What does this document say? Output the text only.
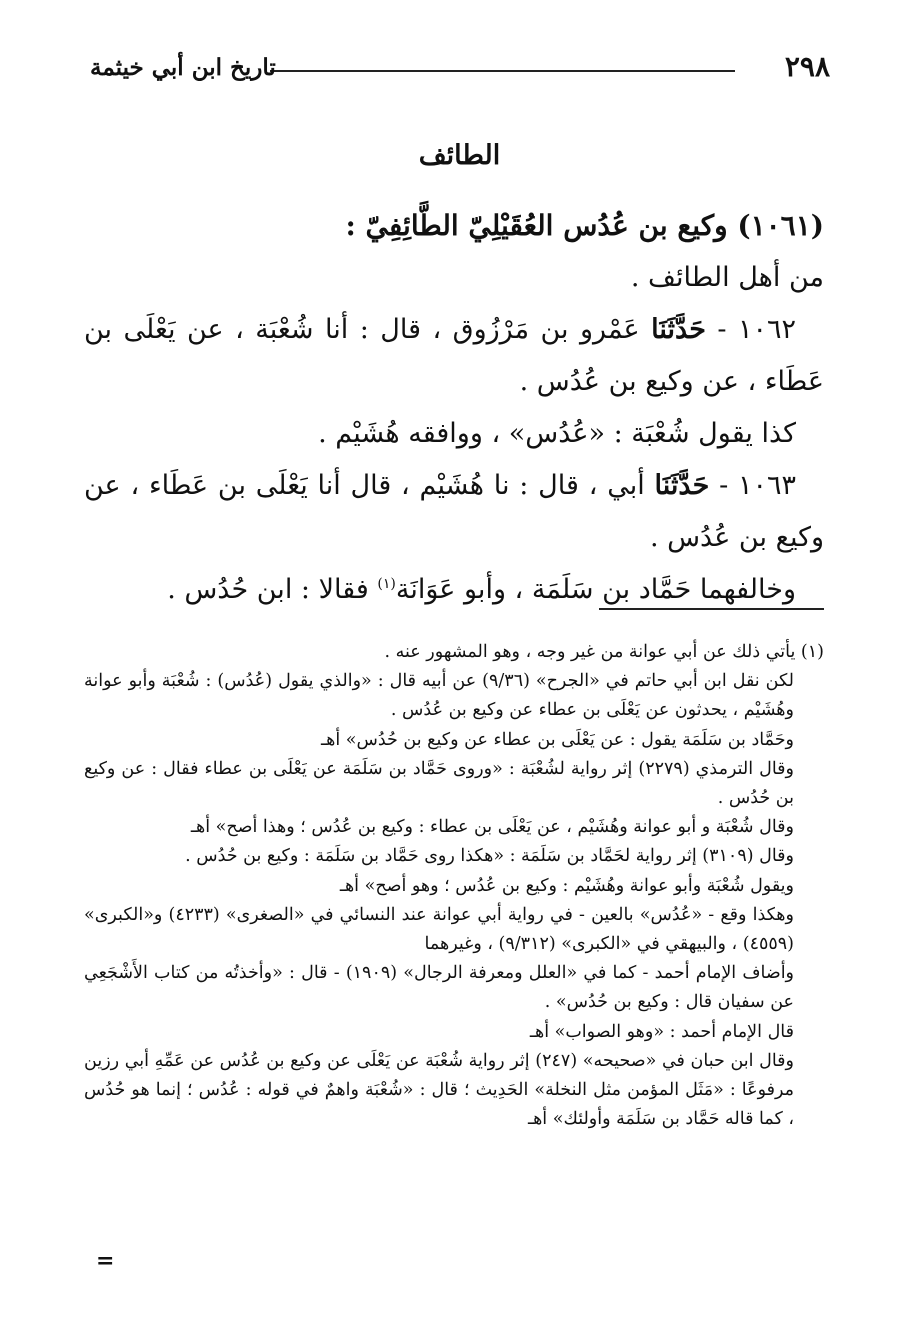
٢٩٨
تاريخ ابن أبي خيثمة
الطائف

(١٠٦١) وكيع بن عُدُس العُقَيْلِيّ الطَّائِفِيّ :

من أهل الطائف .

١٠٦٢ - حَدَّثَنَا عَمْرو بن مَرْزُوق ، قال : أنا شُعْبَة ، عن يَعْلَى بن عَطَاء ، عن وكيع بن عُدُس .

كذا يقول شُعْبَة : «عُدُس» ، ووافقه هُشَيْم .

١٠٦٣ - حَدَّثَنَا أبي ، قال : نا هُشَيْم ، قال أنا يَعْلَى بن عَطَاء ، عن وكيع بن عُدُس .

وخالفهما حَمَّاد بن سَلَمَة ، وأبو عَوَانَة$^{(١)}$ فقالا : ابن حُدُس .

(١) يأتي ذلك عن أبي عوانة من غير وجه ، وهو المشهور عنه .

لكن نقل ابن أبي حاتم في «الجرح» (٩/٣٦) عن أبيه قال : «والذي يقول (عُدُس) : شُعْبَة وأبو عوانة وهُشَيْم ، يحدثون عن يَعْلَى بن عطاء عن وكيع بن عُدُس .

وحَمَّاد بن سَلَمَة يقول : عن يَعْلَى بن عطاء عن وكيع بن حُدُس» أهـ

وقال الترمذي (٢٢٧٩) إثر رواية لشُعْبَة : «وروى حَمَّاد بن سَلَمَة عن يَعْلَى بن عطاء فقال : عن وكيع بن حُدُس .

وقال شُعْبَة و أبو عوانة وهُشَيْم ، عن يَعْلَى بن عطاء : وكيع بن عُدُس ؛ وهذا أصح» أهـ

وقال (٣١٠٩) إثر رواية لحَمَّاد بن سَلَمَة : «هكذا روى حَمَّاد بن سَلَمَة : وكيع بن حُدُس .

ويقول شُعْبَة وأبو عوانة وهُشَيْم : وكيع بن عُدُس ؛ وهو أصح» أهـ

وهكذا وقع - «عُدُس» بالعين - في رواية أبي عوانة عند النسائي في «الصغرى» (٤٢٣٣) و«الكبرى» (٤٥٥٩) ، والبيهقي في «الكبرى» (٩/٣١٢) ، وغيرهما

وأضاف الإمام أحمد - كما في «العلل ومعرفة الرجال» (١٩٠٩) - قال : «وأخذتُه من كتاب الأَشْجَعِي عن سفيان قال : وكيع بن حُدُس» .

قال الإمام أحمد : «وهو الصواب» أهـ

وقال ابن حبان في «صحيحه» (٢٤٧) إثر رواية شُعْبَة عن يَعْلَى عن وكيع بن عُدُس عن عَمِّهِ أبي رزين مرفوعًا : «مَثَل المؤمن مثل النخلة» الحَدِيث ؛ قال : «شُعْبَة واهمٌ في قوله : عُدُس ؛ إنما هو حُدُس ، كما قاله حَمَّاد بن سَلَمَة وأولئك» أهـ

=
